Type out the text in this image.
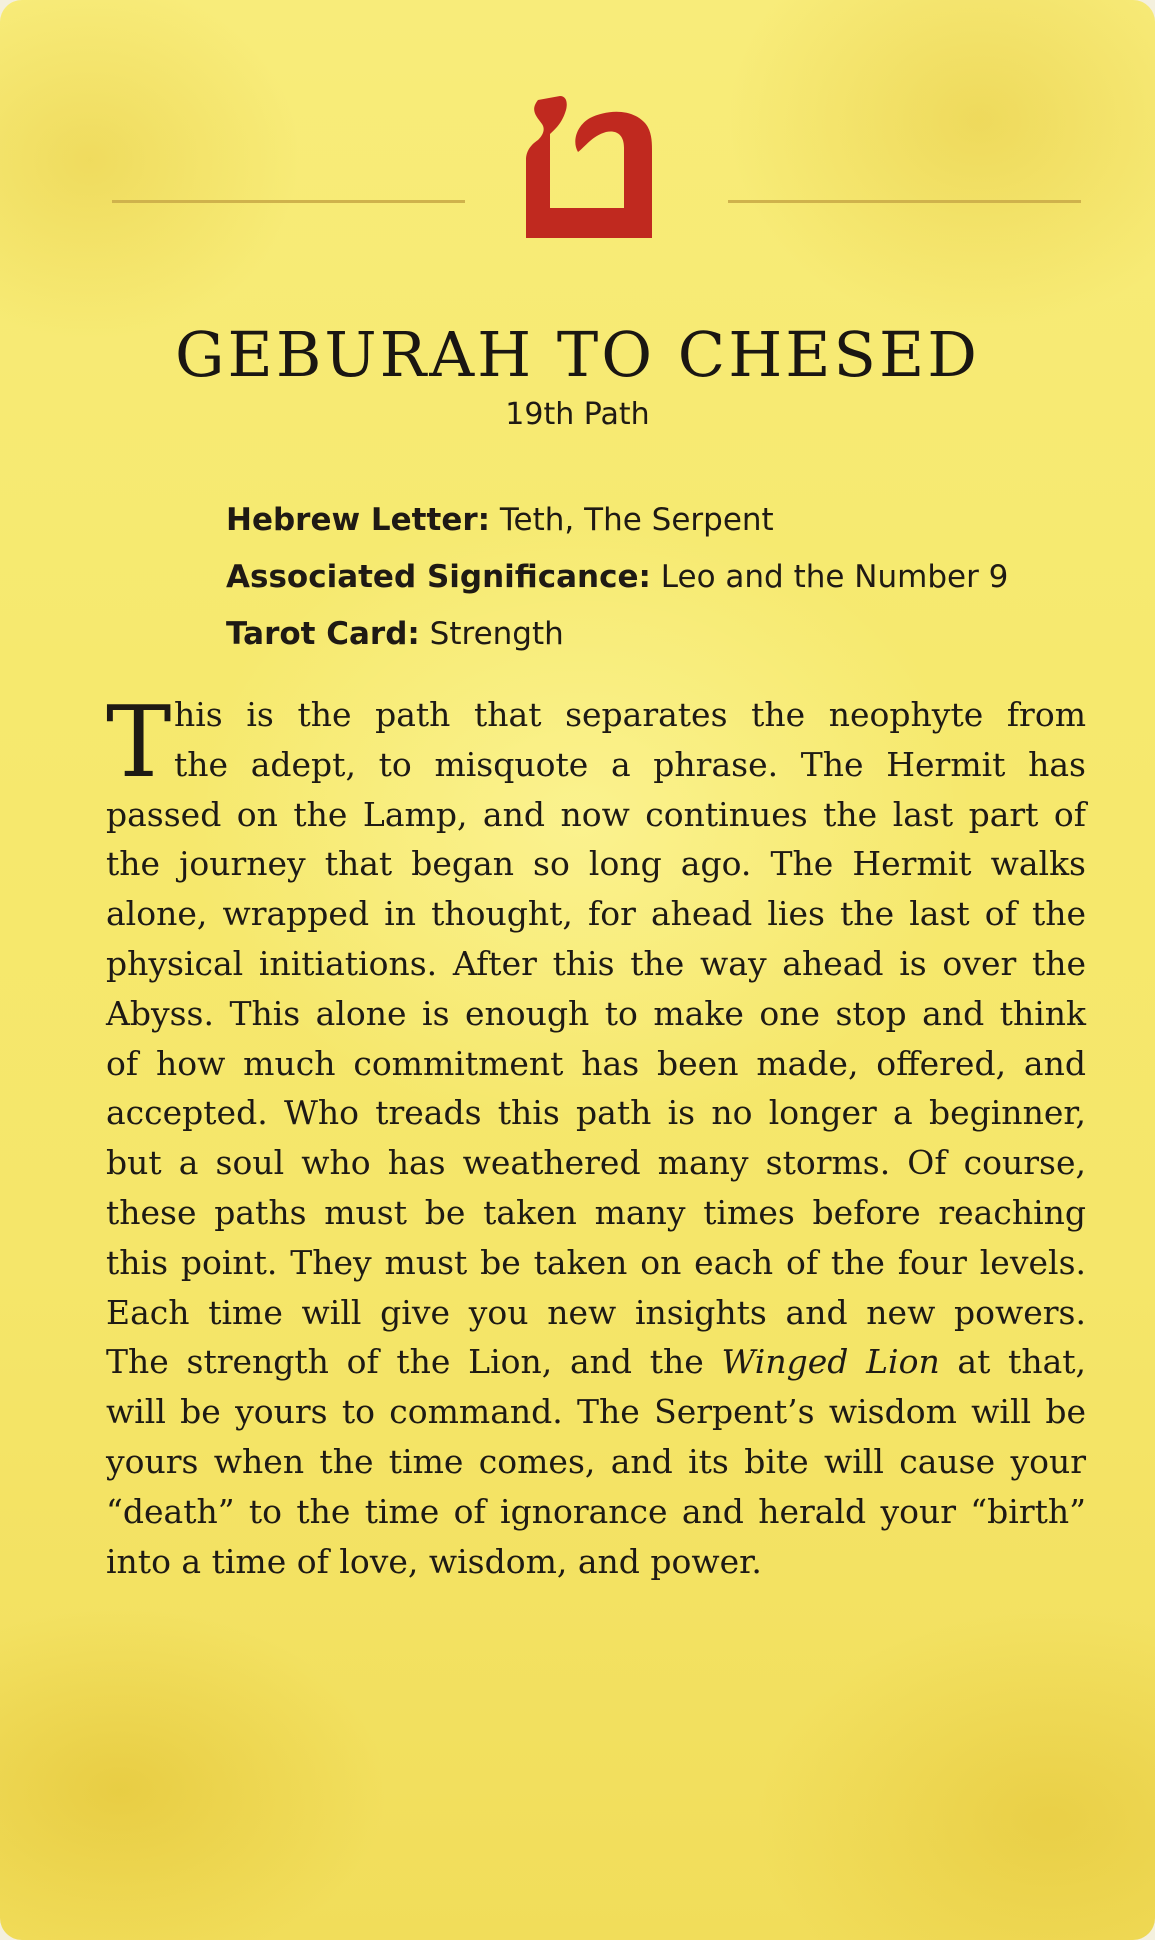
ט
GEBURAH TO CHESED
19th Path
Hebrew Letter: Teth, The Serpent
Associated Significance: Leo and the Number 9
Tarot Card: Strength
T his is the path that separates the neophyte from
the adept, to misquote a phrase. The Hermit has
passed on the Lamp, and now continues the last part of
the journey that began so long ago. The Hermit walks
alone, wrapped in thought, for ahead lies the last of the
physical initiations. After this the way ahead is over the
Abyss. This alone is enough to make one stop and think
of how much commitment has been made, offered, and
accepted. Who treads this path is no longer a beginner,
but a soul who has weathered many storms. Of course,
these paths must be taken many times before reaching
this point. They must be taken on each of the four levels.
Each time will give you new insights and new powers.
The strength of the Lion, and the Winged Lion at that,
will be yours to command. The Serpent’s wisdom will be
yours when the time comes, and its bite will cause your
“death” to the time of ignorance and herald your “birth”
into a time of love, wisdom, and power.
